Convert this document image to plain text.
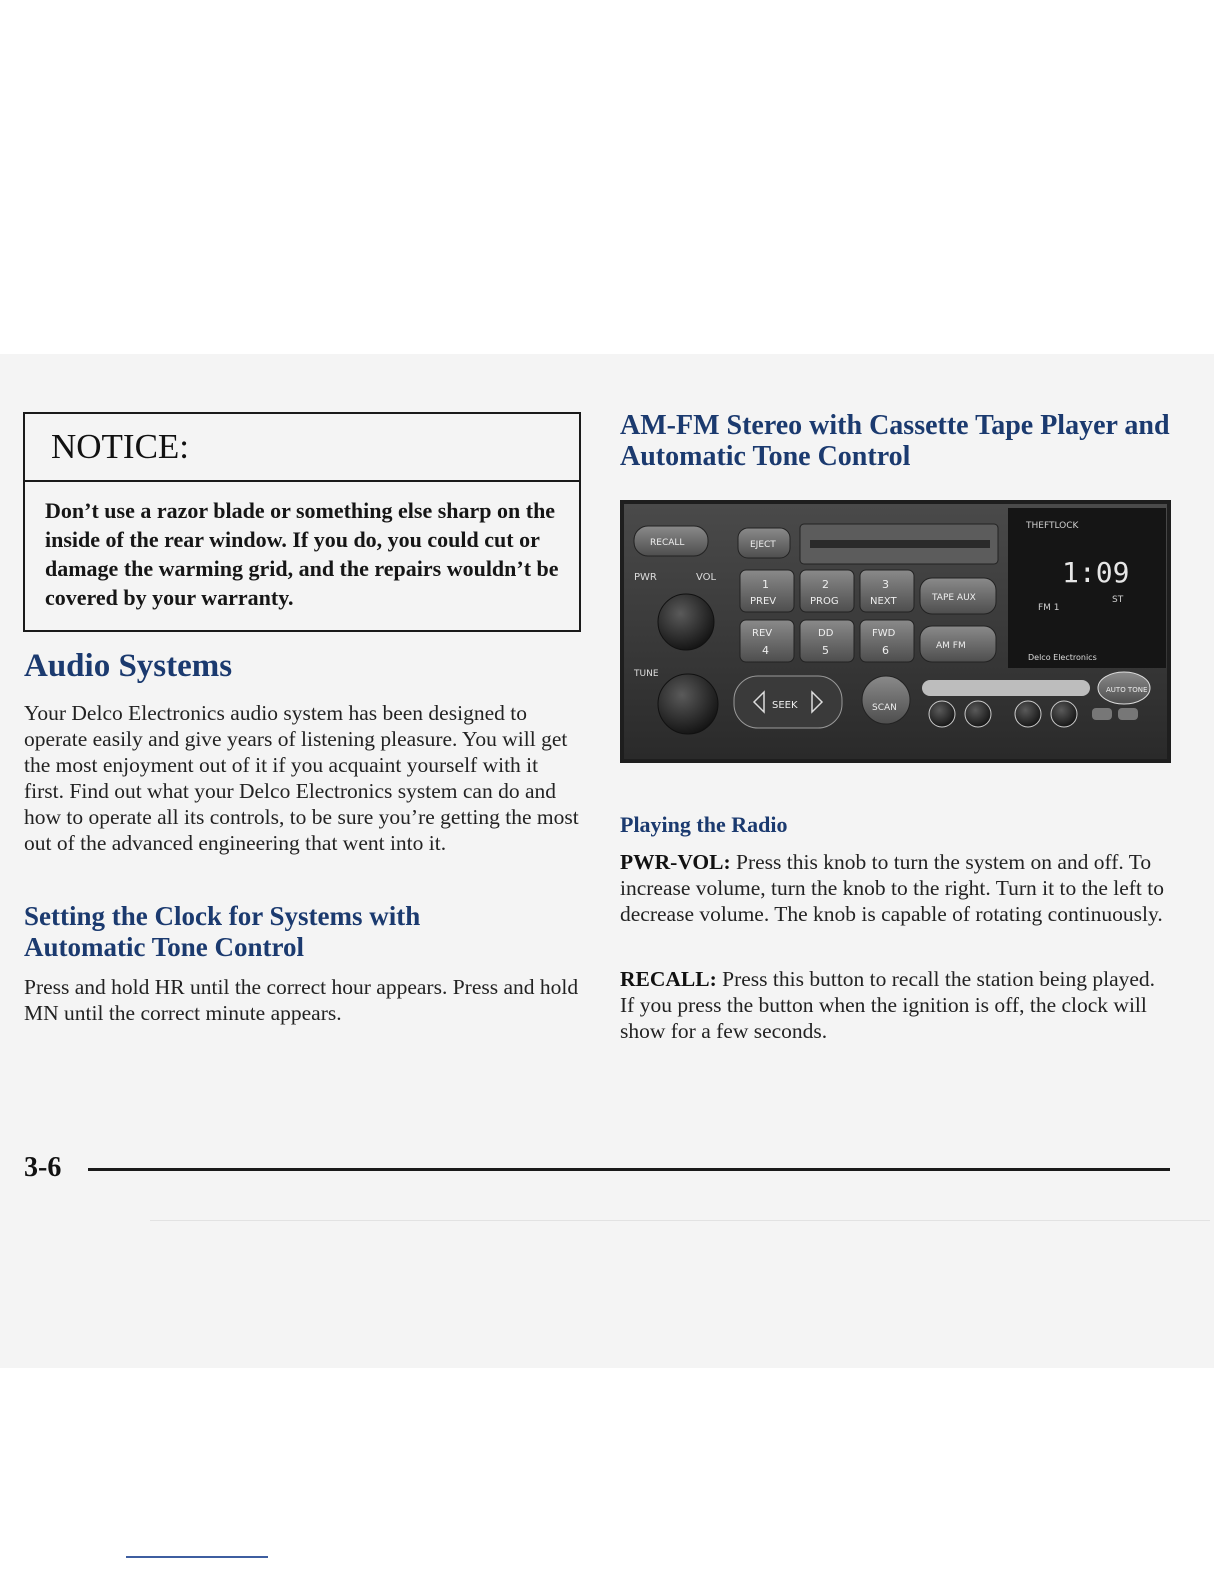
NOTICE:
Don’t use a razor blade or something else sharp on the inside of the rear window. If you do, you could cut or damage the warming grid, and the repairs wouldn’t be covered by your warranty.
Audio Systems

Your Delco Electronics audio system has been designed to operate easily and give years of listening pleasure. You will get the most enjoyment out of it if you acquaint yourself with it first. Find out what your Delco Electronics system can do and how to operate all its controls, to be sure you’re getting the most out of the advanced engineering that went into it.

Setting the Clock for Systems with Automatic Tone Control

Press and hold HR until the correct hour appears. Press and hold MN until the correct minute appears.

AM-FM Stereo with Cassette Tape Player and Automatic Tone Control
THEFTLOCK
1:09
FM 1
ST
Delco Electronics
RECALL	EJECT
PWR	VOL
1
PREV
2
PROG
3
NEXT
REV
4
DD
5
FWD
6
TAPE AUX
AM FM
TUNE
SEEK	SCAN
AUTO TONE
Playing the Radio

PWR-VOL: Press this knob to turn the system on and off. To increase volume, turn the knob to the right. Turn it to the left to decrease volume. The knob is capable of rotating continuously.

RECALL: Press this button to recall the station being played. If you press the button when the ignition is off, the clock will show for a few seconds.

3-6
